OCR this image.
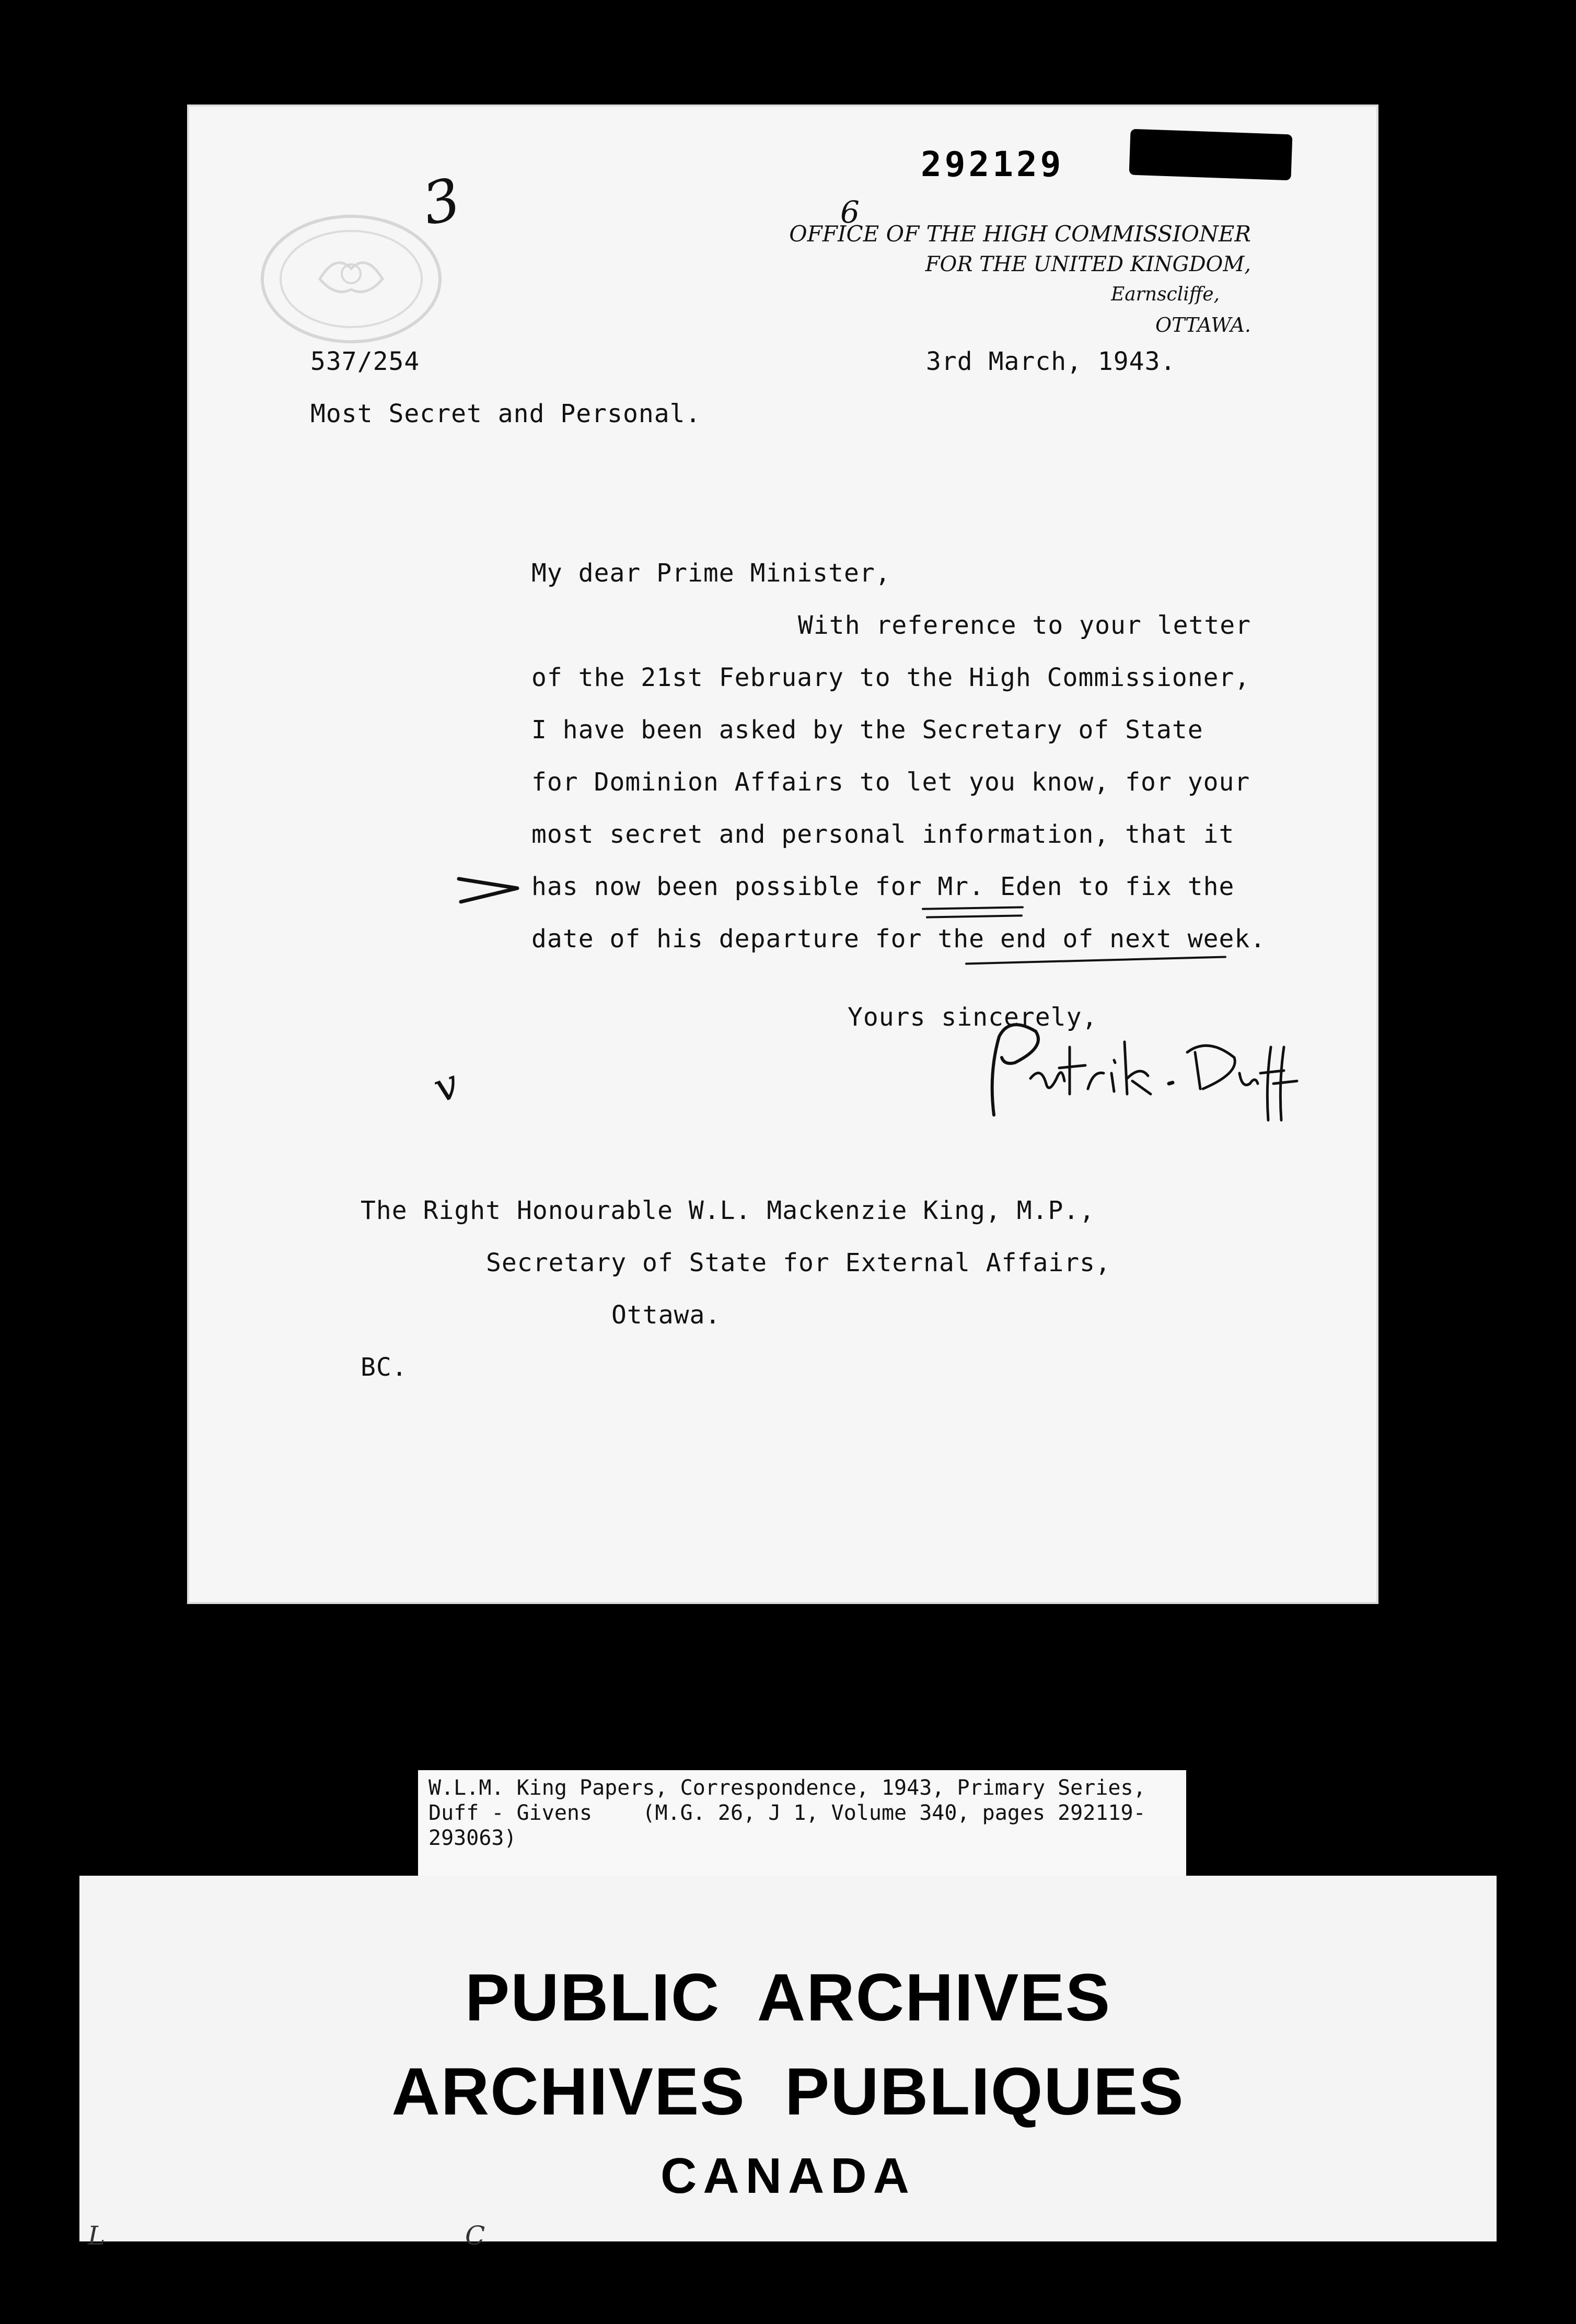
292129
3	6
OFFICE OF THE HIGH COMMISSIONER
FOR THE UNITED KINGDOM,
Earnscliffe,
OTTAWA.
537/254	3rd March, 1943.
Most Secret and Personal.
My dear Prime Minister,
With reference to your letter
of the 21st February to the High Commissioner,
I have been asked by the Secretary of State
for Dominion Affairs to let you know, for your
most secret and personal information, that it
has now been possible for Mr. Eden to fix the
date of his departure for the end of next week.
Yours sincerely,
v
The Right Honourable W.L. Mackenzie King, M.P.,
Secretary of State for External Affairs,
Ottawa.
BC.
W.L.M. King Papers, Correspondence, 1943, Primary Series,
Duff - Givens    (M.G. 26, J 1, Volume 340, pages 292119-
293063)
PUBLIC  ARCHIVES
ARCHIVES  PUBLIQUES
CANADA
L	C
